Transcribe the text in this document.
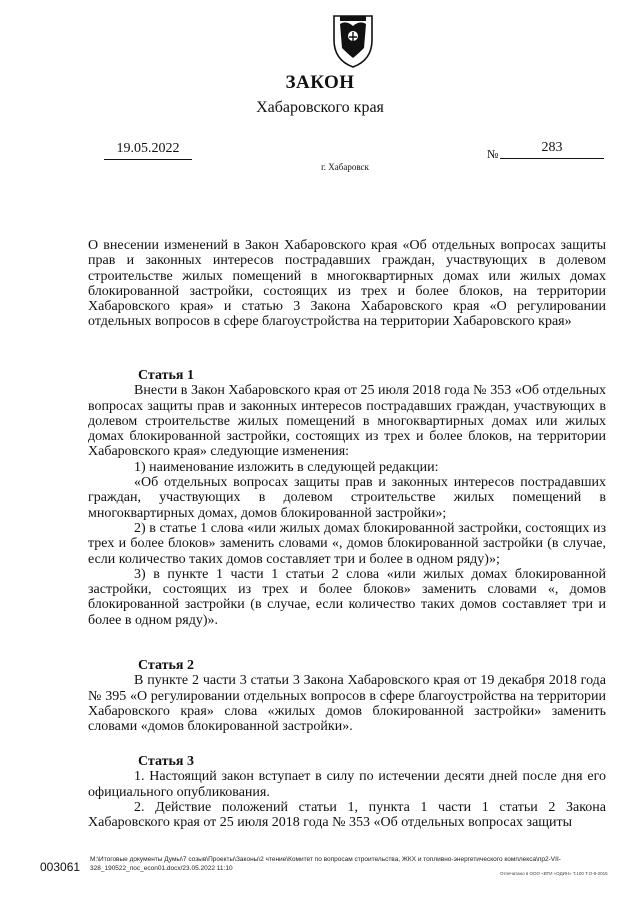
ЗАКОН
Хабаровского края
19.05.2022	№	283
г. Хабаровск
О внесении изменений в Закон Хабаровского края «Об отдельных вопросах защиты прав и законных интересов пострадавших граждан, участвующих в долевом строительстве жилых помещений в многоквартирных домах или жилых домах блокированной застройки, состоящих из трех и более блоков, на территории Хабаровского края» и статью 3 Закона Хабаровского края «О регулировании отдельных вопросов в сфере благоустройства на территории Хабаровского края»
Статья 1

Внести в Закон Хабаровского края от 25 июля 2018 года № 353 «Об отдельных вопросах защиты прав и законных интересов пострадавших граждан, участвующих в долевом строительстве жилых помещений в многоквартирных домах или жилых домах блокированной застройки, состоящих из трех и более блоков, на территории Хабаровского края» следующие изменения:

1) наименование изложить в следующей редакции:

«Об отдельных вопросах защиты прав и законных интересов пострадавших граждан, участвующих в долевом строительстве жилых помещений в многоквартирных домах, домов блокированной застройки»;

2) в статье 1 слова «или жилых домах блокированной застройки, состоящих из трех и более блоков» заменить словами «, домов блокированной застройки (в случае, если количество таких домов составляет три и более в одном ряду)»;

3) в пункте 1 части 1 статьи 2 слова «или жилых домах блокированной застройки, состоящих из трех и более блоков» заменить словами «, домов блокированной застройки (в случае, если количество таких домов составляет три и более в одном ряду)».

Статья 2

В пункте 2 части 3 статьи 3 Закона Хабаровского края от 19 декабря 2018 года № 395 «О регулировании отдельных вопросов в сфере благоустройства на территории Хабаровского края» слова «жилых домов блокированной застройки» заменить словами «домов блокированной застройки».

Статья 3

1. Настоящий закон вступает в силу по истечении десяти дней после дня его официального опубликования.

2. Действие положений статьи 1, пункта 1 части 1 статьи 2 Закона Хабаровского края от 25 июля 2018 года № 353 «Об отдельных вопросах защиты

003061
M:\Итоговые документы Думы\7 созыв\Проекты\Законы\2 чтение\Комитет по вопросам строительства, ЖКХ и топливно-энергетического комплекса\пр2-VII-328_190522_пос_econ01.docx/23.05.2022 11:10
Отпечатано в ООО «ВТИ «ОДИН» Т.100 Т.О-9-2015
